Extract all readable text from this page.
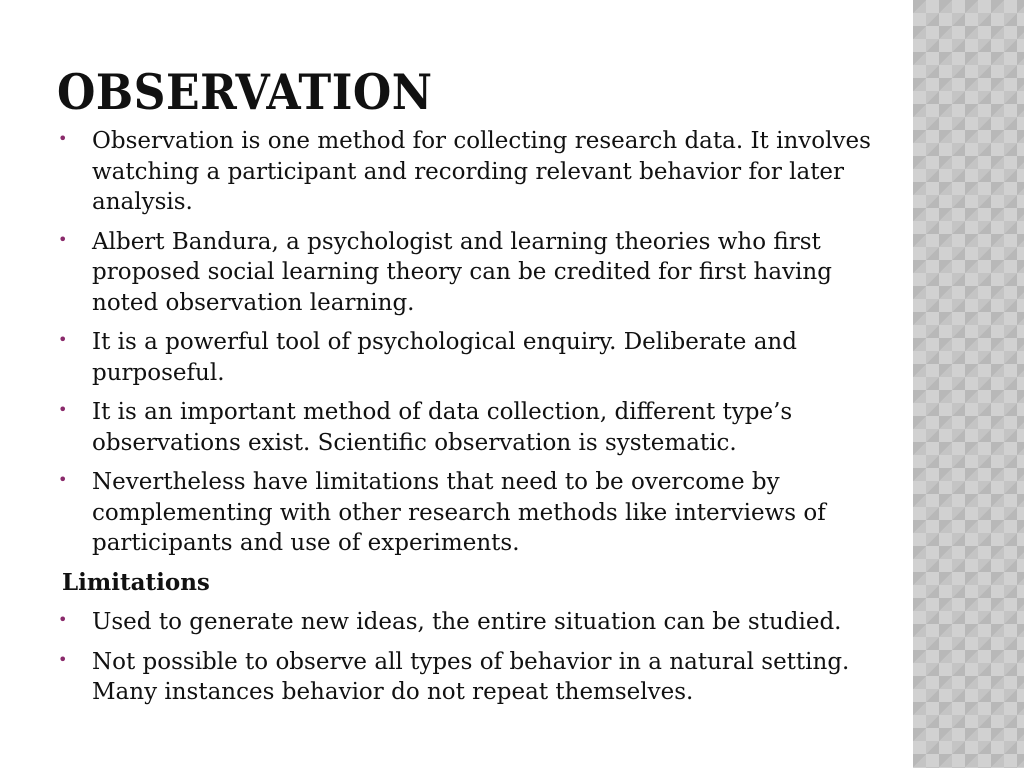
OBSERVATION
• Observation is one method for collecting research data. It involves watching a participant and recording relevant behavior for later analysis.
• Albert Bandura, a psychologist and learning theories who first proposed social learning theory can be credited for first having noted observation learning.
• It is a powerful tool of psychological enquiry. Deliberate and purposeful.
• It is an important method of data collection, different type’s observations exist. Scientific observation is systematic.
• Nevertheless have limitations that need to be overcome by complementing with other research methods like interviews of participants and use of experiments.

Limitations

• Used to generate new ideas, the entire situation can be studied.
• Not possible to observe all types of behavior in a natural setting. Many instances behavior do not repeat themselves.
